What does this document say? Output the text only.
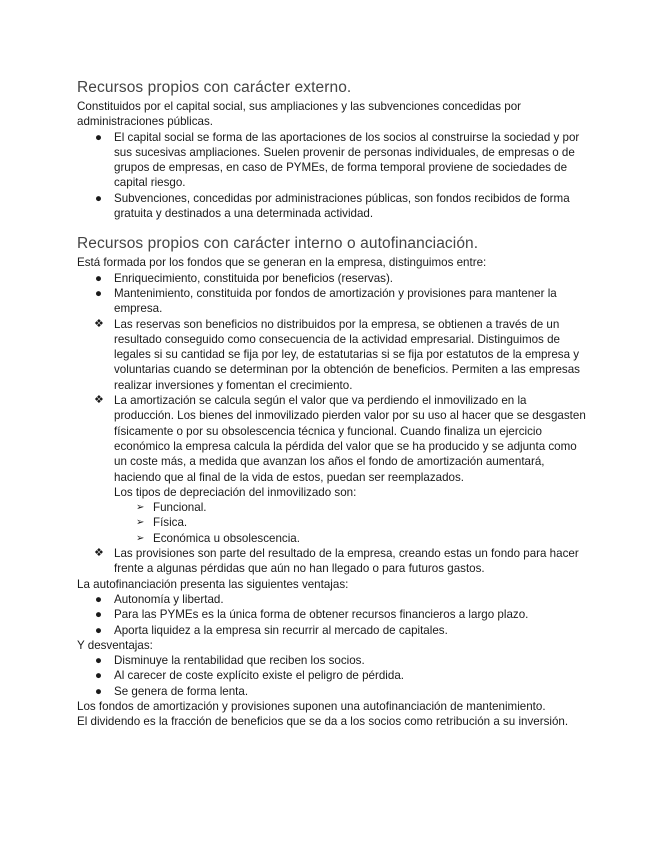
Recursos propios con carácter externo.

Constituidos por el capital social, sus ampliaciones y las subvenciones concedidas por administraciones públicas.

●	El capital social se forma de las aportaciones de los socios al construirse la sociedad y por sus sucesivas ampliaciones. Suelen provenir de personas individuales, de empresas o de grupos de empresas, en caso de PYMEs, de forma temporal proviene de sociedades de capital riesgo.
●	Subvenciones, concedidas por administraciones públicas, son fondos recibidos de forma gratuita y destinados a una determinada actividad.
Recursos propios con carácter interno o autofinanciación.

Está formada por los fondos que se generan en la empresa, distinguimos entre:

●	Enriquecimiento, constituida por beneficios (reservas).
●	Mantenimiento, constituida por fondos de amortización y provisiones para mantener la empresa.
❖ Las reservas son beneficios no distribuidos por la empresa, se obtienen a través de un resultado conseguido como consecuencia de la actividad empresarial. Distinguimos de legales si su cantidad se fija por ley, de estatutarias si se fija por estatutos de la empresa y voluntarias cuando se determinan por la obtención de beneficios. Permiten a las empresas realizar inversiones y fomentan el crecimiento.
❖ La amortización se calcula según el valor que va perdiendo el inmovilizado en la producción. Los bienes del inmovilizado pierden valor por su uso al hacer que se desgasten físicamente o por su obsolescencia técnica y funcional. Cuando finaliza un ejercicio económico la empresa calcula la pérdida del valor que se ha producido y se adjunta como un coste más, a medida que avanzan los años el fondo de amortización aumentará, haciendo que al final de la vida de estos, puedan ser reemplazados.

Los tipos de depreciación del inmovilizado son:

➢ Funcional.
➢ Física.
➢ Económica u obsolescencia.
❖ Las provisiones son parte del resultado de la empresa, creando estas un fondo para hacer frente a algunas pérdidas que aún no han llegado o para futuros gastos.

La autofinanciación presenta las siguientes ventajas:

●	Autonomía y libertad.
●	Para las PYMEs es la única forma de obtener recursos financieros a largo plazo.
●	Aporta liquidez a la empresa sin recurrir al mercado de capitales.

Y desventajas:

●	Disminuye la rentabilidad que reciben los socios.
●	Al carecer de coste explícito existe el peligro de pérdida.
●	Se genera de forma lenta.

Los fondos de amortización y provisiones suponen una autofinanciación de mantenimiento.

El dividendo es la fracción de beneficios que se da a los socios como retribución a su inversión.
